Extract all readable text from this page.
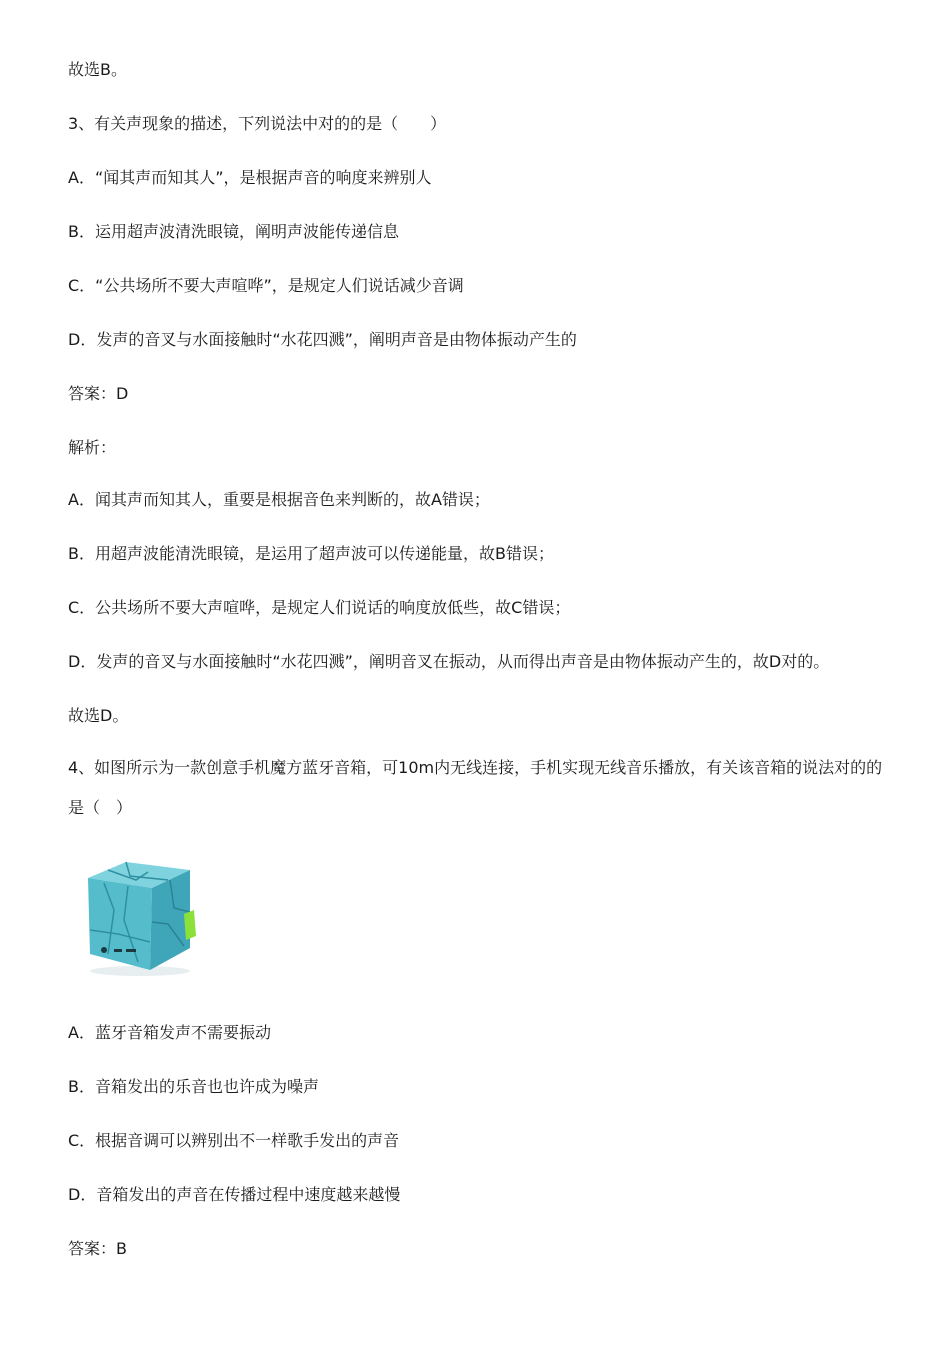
故选B。
3、有关声现象的描述，下列说法中对的的是（　　）
A．“闻其声而知其人”，是根据声音的响度来辨别人
B．运用超声波清洗眼镜，阐明声波能传递信息
C．“公共场所不要大声喧哗”，是规定人们说话减少音调
D．发声的音叉与水面接触时“水花四溅”，阐明声音是由物体振动产生的
答案：D
解析：
A．闻其声而知其人，重要是根据音色来判断的，故A错误；
B．用超声波能清洗眼镜，是运用了超声波可以传递能量，故B错误；
C．公共场所不要大声喧哗，是规定人们说话的响度放低些，故C错误；
D．发声的音叉与水面接触时“水花四溅”，阐明音叉在振动，从而得出声音是由物体振动产生的，故D对的。
故选D。
4、如图所示为一款创意手机魔方蓝牙音箱，可10m内无线连接，手机实现无线音乐播放，有关该音箱的说法对的的是（　）
A．蓝牙音箱发声不需要振动
B．音箱发出的乐音也也许成为噪声
C．根据音调可以辨别出不一样歌手发出的声音
D．音箱发出的声音在传播过程中速度越来越慢
答案：B
